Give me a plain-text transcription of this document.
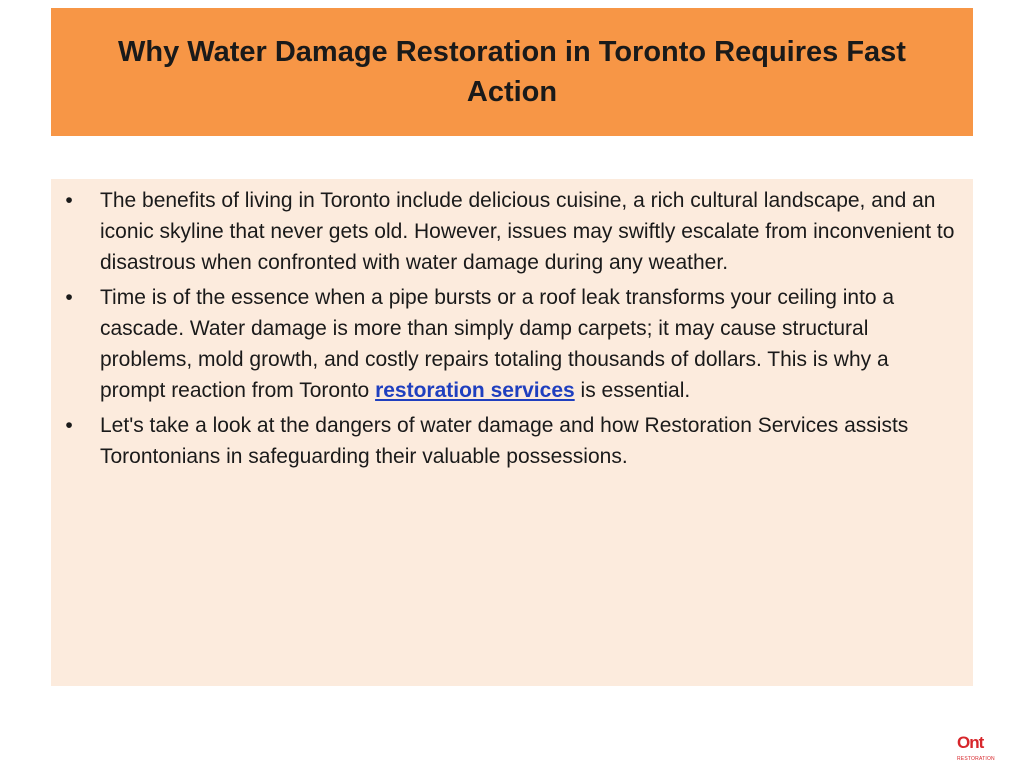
Why Water Damage Restoration in Toronto Requires Fast Action
•	The benefits of living in Toronto include delicious cuisine, a rich cultural landscape, and an iconic skyline that never gets old. However, issues may swiftly escalate from inconvenient to disastrous when confronted with water damage during any weather.
•	Time is of the essence when a pipe bursts or a roof leak transforms your ceiling into a cascade. Water damage is more than simply damp carpets; it may cause structural problems, mold growth, and costly repairs totaling thousands of dollars. This is why a prompt reaction from Toronto restoration services is essential.
•	Let's take a look at the dangers of water damage and how Restoration Services assists Torontonians in safeguarding their valuable possessions.
Ont
RESTORATION
